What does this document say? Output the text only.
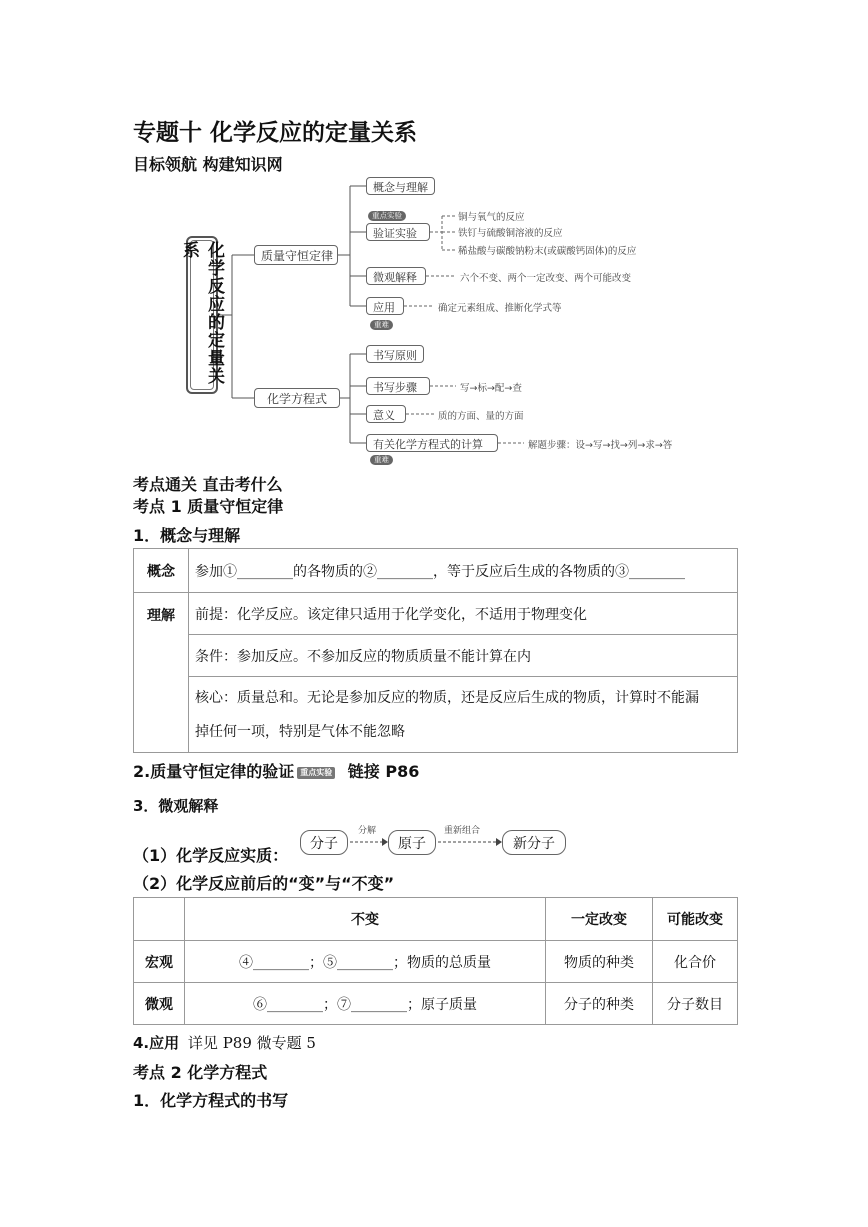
专题十 化学反应的定量关系
目标领航 构建知识网
化学反应的定量关系	质量守恒定律
化学方程式
概念与理解
重点实验
验证实验
铜与氧气的反应
铁钉与硫酸铜溶液的反应
稀盐酸与碳酸钠粉末(或碳酸钙固体)的反应
微观解释	六个不变、两个一定改变、两个可能改变
应用
重难
确定元素组成、推断化学式等
书写原则
书写步骤	写→标→配→查
意义	质的方面、量的方面
有关化学方程式的计算	解题步骤：设→写→找→列→求→答
重难
考点通关 直击考什么
考点 1 质量守恒定律
1．概念与理解
概念	参加①________的各物质的②________，等于反应后生成的各物质的③________
理解	前提：化学反应。该定律只适用于化学变化，不适用于物理变化
	条件：参加反应。不参加反应的物质质量不能计算在内

	核心：质量总和。无论是参加反应的物质，还是反应后生成的物质，计算时不能漏
掉任何一项，特别是气体不能忽略
2.质量守恒定律的验证 重点实验 链接 P86
3．微观解释
（1）化学反应实质：
分子
分解
原子
重新组合
新分子
（2）化学反应前后的“变”与“不变”
	不变	一定改变	可能改变
宏观	④________；⑤________；物质的总质量	物质的种类	化合价
微观	⑥________；⑦________；原子质量	分子的种类	分子数目
4.应用 详见 P89 微专题 5
考点 2 化学方程式
1．化学方程式的书写
